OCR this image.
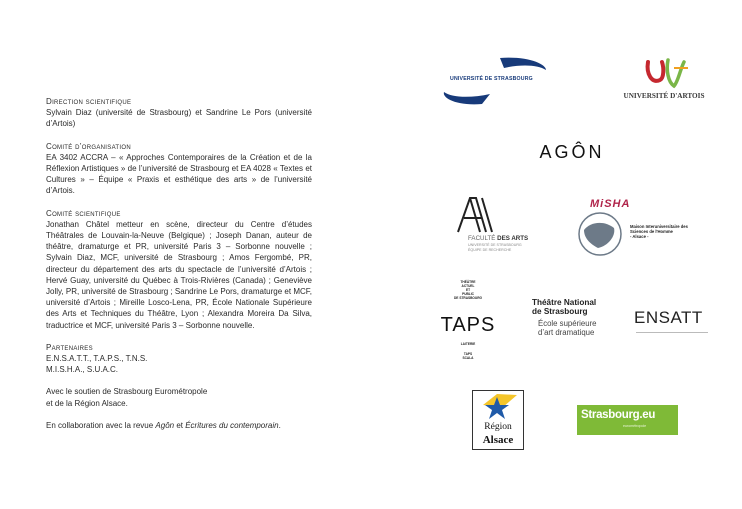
Direction scientifique
Sylvain Diaz (université de Strasbourg) et Sandrine Le Pors (université d’Artois)
Comité d’organisation
EA 3402 ACCRA – « Approches Contemporaires de la Création et de la Réflexion Artistiques » de l’université de Strasbourg et EA 4028 « Textes et Cultures » – Équipe « Praxis et esthétique des arts » de l’université d’Artois.
Comité scientifique
Jonathan Châtel metteur en scène, directeur du Centre d’études Théâtrales de Louvain-la-Neuve (Belgique) ; Joseph Danan, auteur de théâtre, dramaturge et PR, université Paris 3 – Sorbonne nouvelle ; Sylvain Diaz, MCF, université de Strasbourg ; Amos Fergombé, PR, directeur du département des arts du spectacle de l’université d’Artois ; Hervé Guay, université du Québec à Trois-Rivières (Canada) ; Geneviève Jolly, PR, université de Strasbourg ; Sandrine Le Pors, dramaturge et MCF, université d’Artois ; Mireille Losco-Lena, PR, École Nationale Supérieure des Arts et Techniques du Théâtre, Lyon ; Alexandra Moreira Da Silva, traductrice et MCF, université Paris 3 – Sorbonne nouvelle.
Partenaires
E.N.S.A.T.T., T.A.P.S., T.N.S.
M.I.S.H.A., S.U.A.C.
Avec le soutien de Strasbourg Eurométropole
et de la Région Alsace.
En collaboration avec la revue Agôn et Écritures du contemporain.
UNIVERSITÉ DE STRASBOURG
UNIVERSITÉ D'ARTOIS
AGÔN
FACULTÉ DES ARTS
UNIVERSITÉ DE STRASBOURG
ÉQUIPE DE RECHERCHE
MiSHA
Maison Interuniversitaire des
Sciences de l'Homme
- Alsace -
THÉÂTRE
ACTUEL
ET
PUBLIC
DE STRASBOURG
TAPS
LAITERIE
TAPS
SCALA
Théâtre National
de Strasbourg
École supérieure
d’art dramatique
ENSATT
Région
Alsace
Strasbourg.eu
eurométropole
